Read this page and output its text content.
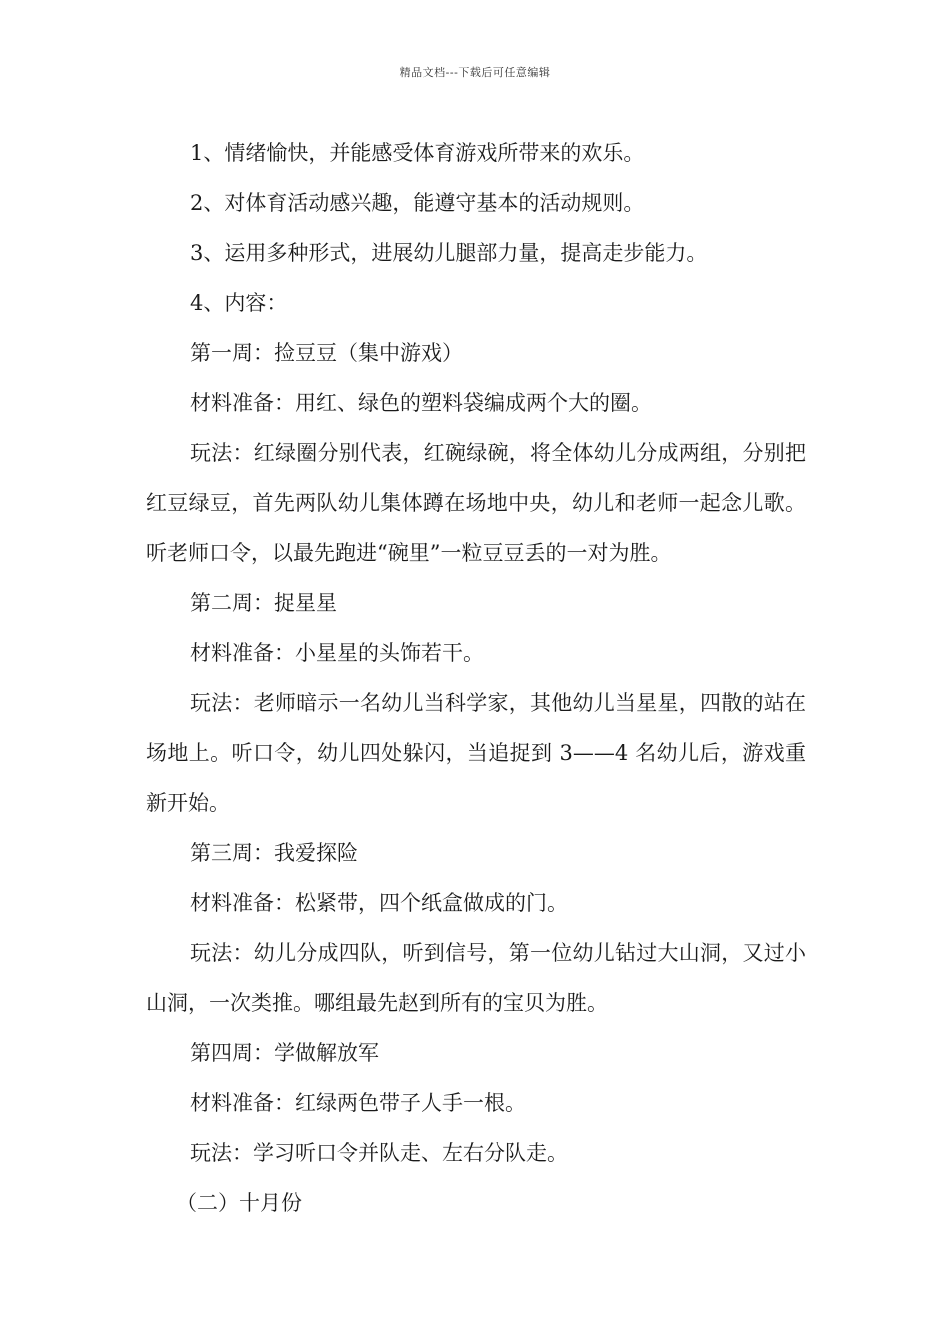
精品文档---下载后可任意编辑

1、情绪愉快，并能感受体育游戏所带来的欢乐。

2、对体育活动感兴趣，能遵守基本的活动规则。

3、运用多种形式，进展幼儿腿部力量，提高走步能力。

4、内容：

第一周：捡豆豆（集中游戏）

材料准备：用红、绿色的塑料袋编成两个大的圈。

玩法：红绿圈分别代表，红碗绿碗，将全体幼儿分成两组，分别把红豆绿豆，首先两队幼儿集体蹲在场地中央，幼儿和老师一起念儿歌。听老师口令，以最先跑进“碗里”一粒豆豆丢的一对为胜。

第二周：捉星星

材料准备：小星星的头饰若干。

玩法：老师暗示一名幼儿当科学家，其他幼儿当星星，四散的站在场地上。听口令，幼儿四处躲闪，当追捉到 3——4 名幼儿后，游戏重新开始。

第三周：我爱探险

材料准备：松紧带，四个纸盒做成的门。

玩法：幼儿分成四队，听到信号，第一位幼儿钻过大山洞，又过小山洞，一次类推。哪组最先赵到所有的宝贝为胜。

第四周：学做解放军

材料准备：红绿两色带子人手一根。

玩法：学习听口令并队走、左右分队走。

（二）十月份
